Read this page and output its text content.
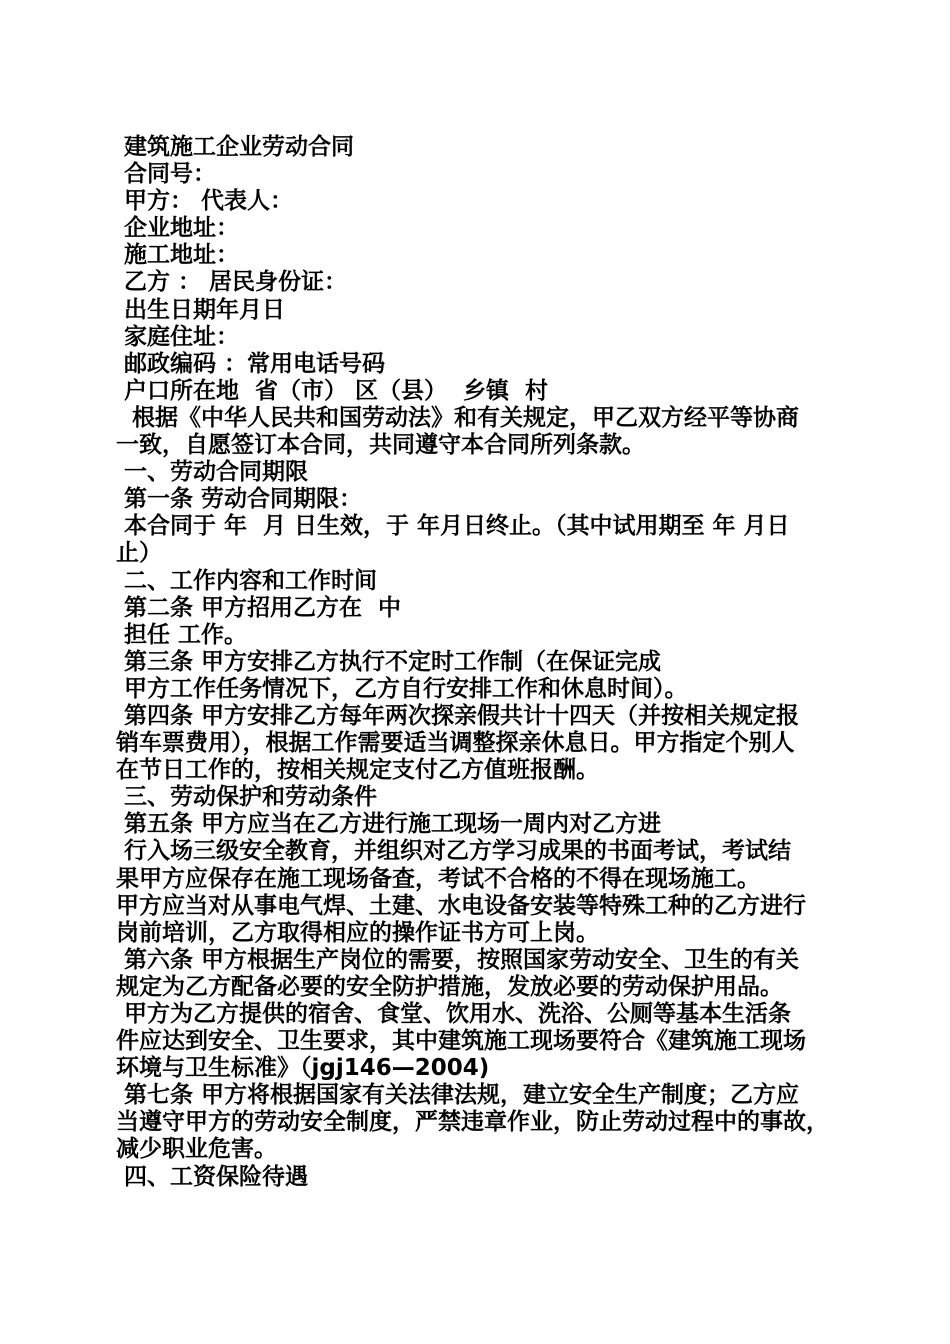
建筑施工企业劳动合同
合同号：
甲方： 代表人：
企业地址：
施工地址：
乙方 ： 居民身份证：
出生日期年月日
家庭住址：
邮政编码 ：常用电话号码
户口所在地  省（市） 区（县）  乡镇  村
根据《中华人民共和国劳动法》和有关规定，甲乙双方经平等协商
一致，自愿签订本合同，共同遵守本合同所列条款。
一、劳动合同期限
第一条 劳动合同期限：
本合同于 年  月 日生效，于 年月日终止。（其中试用期至 年 月日
止）
二、工作内容和工作时间
第二条 甲方招用乙方在  中
担任 工作。
第三条 甲方安排乙方执行不定时工作制（在保证完成
甲方工作任务情况下，乙方自行安排工作和休息时间）。
第四条 甲方安排乙方每年两次探亲假共计十四天（并按相关规定报
销车票费用），根据工作需要适当调整探亲休息日。甲方指定个别人
在节日工作的，按相关规定支付乙方值班报酬。
三、劳动保护和劳动条件
第五条 甲方应当在乙方进行施工现场一周内对乙方进
行入场三级安全教育，并组织对乙方学习成果的书面考试，考试结
果甲方应保存在施工现场备查，考试不合格的不得在现场施工。
甲方应当对从事电气焊、土建、水电设备安装等特殊工种的乙方进行
岗前培训，乙方取得相应的操作证书方可上岗。
第六条 甲方根据生产岗位的需要，按照国家劳动安全、卫生的有关
规定为乙方配备必要的安全防护措施，发放必要的劳动保护用品。
甲方为乙方提供的宿舍、食堂、饮用水、洗浴、公厕等基本生活条
件应达到安全、卫生要求，其中建筑施工现场要符合《建筑施工现场
环境与卫生标准》（jgj146—2004)
第七条 甲方将根据国家有关法律法规，建立安全生产制度；乙方应
当遵守甲方的劳动安全制度，严禁违章作业，防止劳动过程中的事故，
减少职业危害。
四、工资保险待遇
